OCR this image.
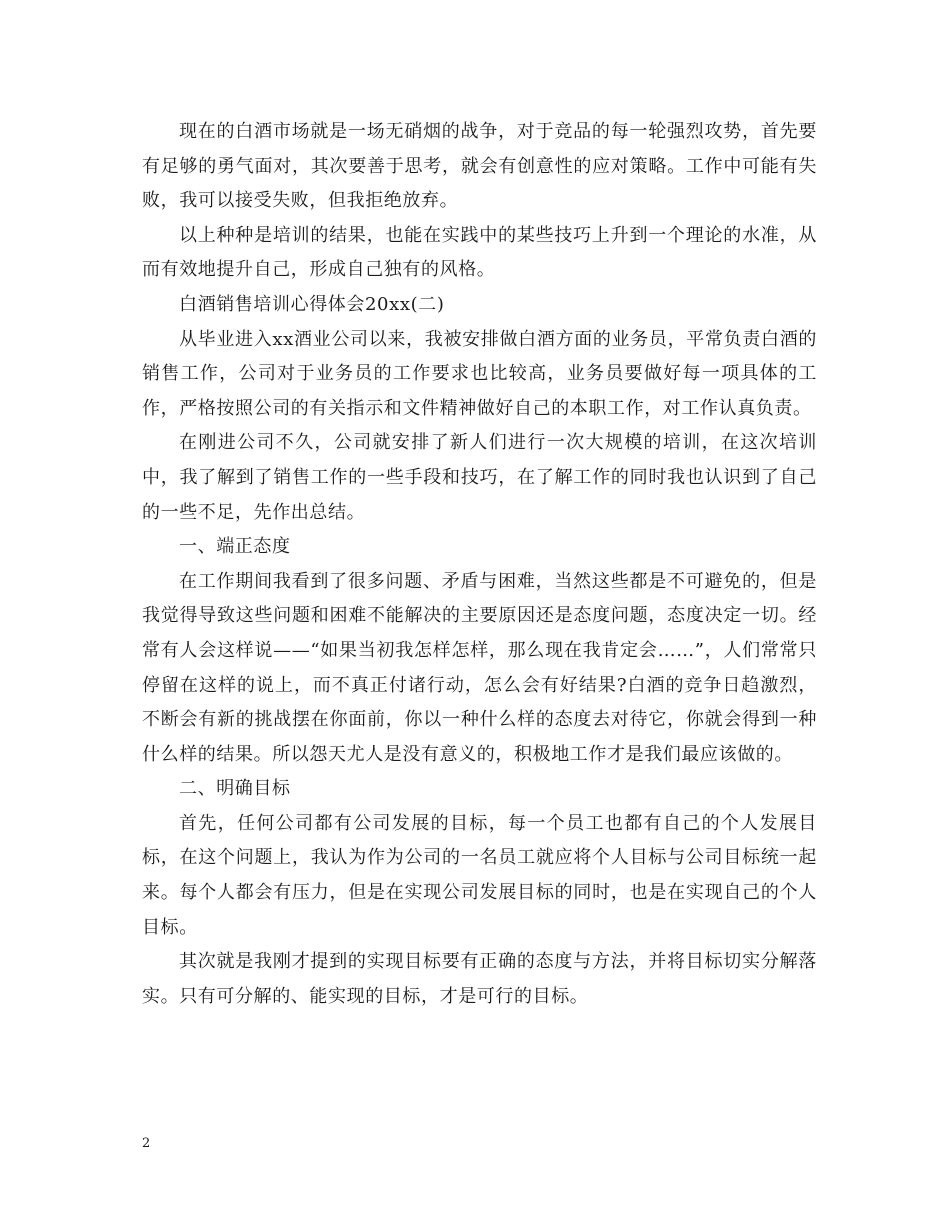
现在的白酒市场就是一场无硝烟的战争，对于竞品的每一轮强烈攻势，首先要有足够的勇气面对，其次要善于思考，就会有创意性的应对策略。工作中可能有失败，我可以接受失败，但我拒绝放弃。

以上种种是培训的结果，也能在实践中的某些技巧上升到一个理论的水准，从而有效地提升自己，形成自己独有的风格。

白酒销售培训心得体会20xx(二)

从毕业进入xx酒业公司以来，我被安排做白酒方面的业务员，平常负责白酒的销售工作，公司对于业务员的工作要求也比较高，业务员要做好每一项具体的工作，严格按照公司的有关指示和文件精神做好自己的本职工作，对工作认真负责。

在刚进公司不久，公司就安排了新人们进行一次大规模的培训，在这次培训中，我了解到了销售工作的一些手段和技巧，在了解工作的同时我也认识到了自己的一些不足，先作出总结。

一、端正态度

在工作期间我看到了很多问题、矛盾与困难，当然这些都是不可避免的，但是我觉得导致这些问题和困难不能解决的主要原因还是态度问题，态度决定一切。经常有人会这样说——“如果当初我怎样怎样，那么现在我肯定会……”，人们常常只停留在这样的说上，而不真正付诸行动，怎么会有好结果?白酒的竞争日趋激烈，不断会有新的挑战摆在你面前，你以一种什么样的态度去对待它，你就会得到一种什么样的结果。所以怨天尤人是没有意义的，积极地工作才是我们最应该做的。

二、明确目标

首先，任何公司都有公司发展的目标，每一个员工也都有自己的个人发展目标，在这个问题上，我认为作为公司的一名员工就应将个人目标与公司目标统一起来。每个人都会有压力，但是在实现公司发展目标的同时，也是在实现自己的个人目标。

其次就是我刚才提到的实现目标要有正确的态度与方法，并将目标切实分解落实。只有可分解的、能实现的目标，才是可行的目标。

2
